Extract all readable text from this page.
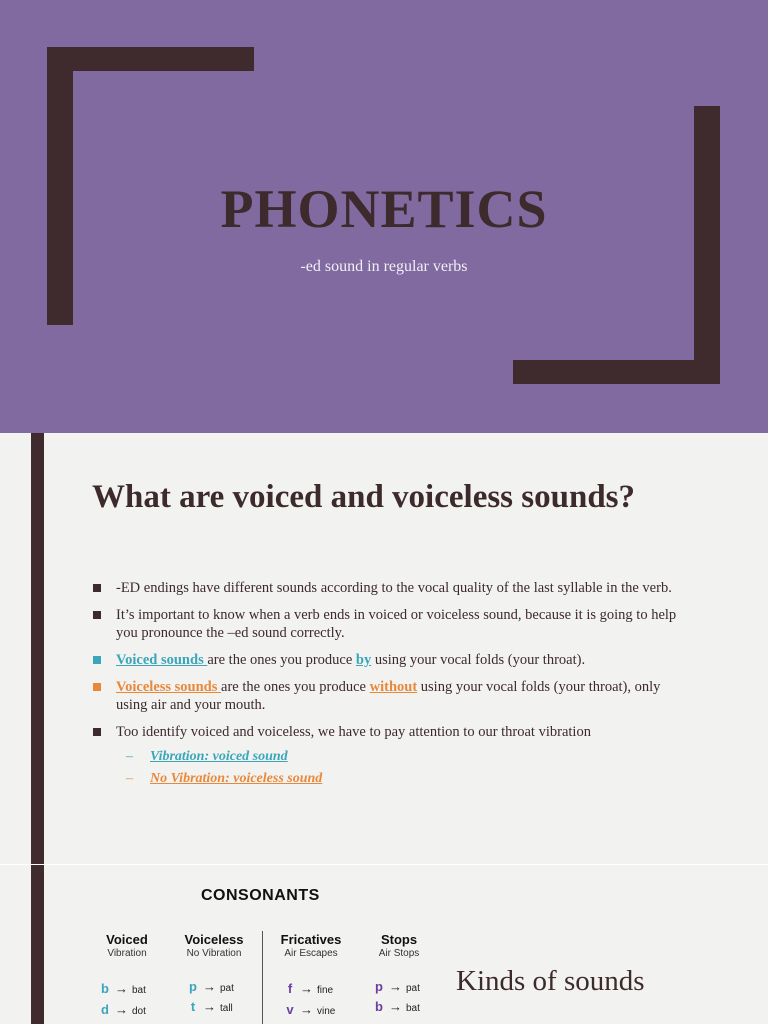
PHONETICS
-ed sound in regular verbs
What are voiced and voiceless sounds?
-ED endings have different sounds according to the vocal quality of the last syllable in the verb.
It’s important to know when a verb ends in voiced or voiceless sound, because it is going to help you pronounce the –ed sound correctly.
Voiced sounds are the ones you produce by using your vocal folds (your throat).
Voiceless sounds are the ones you produce without using your vocal folds (your throat), only using air and your mouth.
Too identify voiced and voiceless, we have to pay attention to our throat vibration
– Vibration: voiced sound
– No Vibration: voiceless sound
CONSONANTS
Voiced
Vibration
Voiceless
No Vibration
Fricatives
Air Escapes
Stops
Air Stops
b → bat
d → dot
p → pat
t → tall
f → fine
v → vine
p → pat
b → bat
Kinds of sounds
